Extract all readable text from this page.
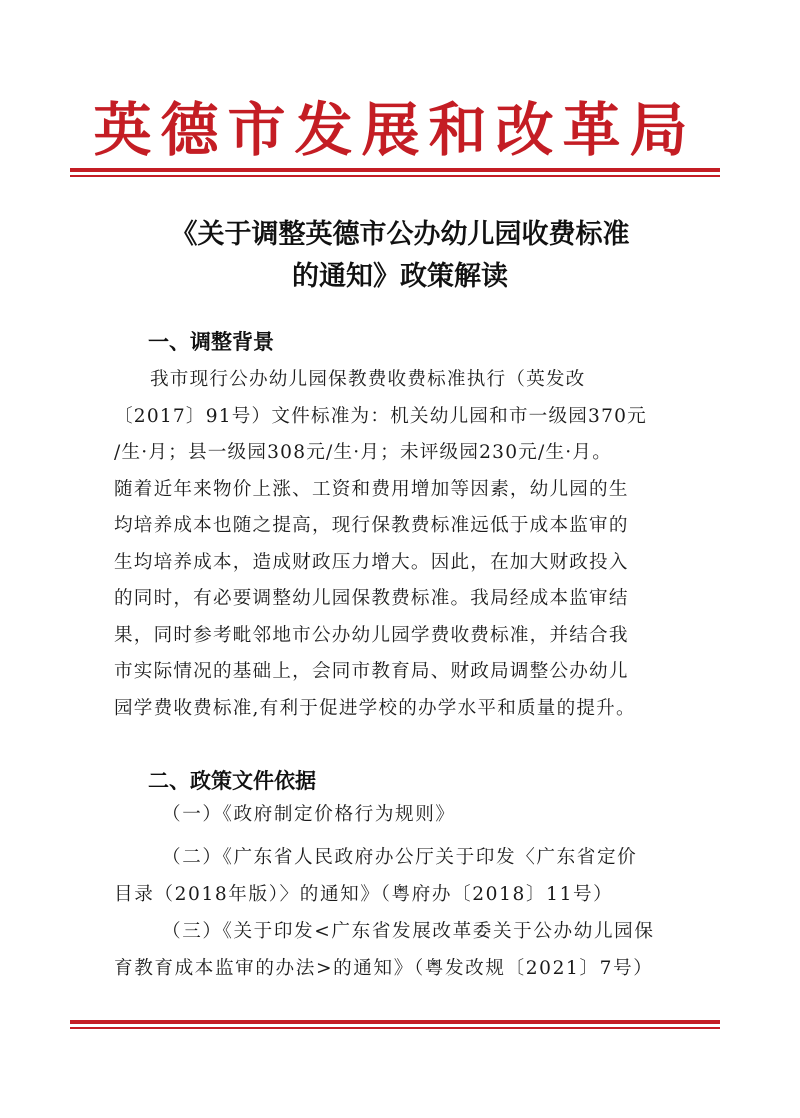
英德市发展和改革局
《关于调整英德市公办幼儿园收费标准
的通知》政策解读
一、调整背景
我市现行公办幼儿园保教费收费标准执行（英发改
〔2017〕91号）文件标准为：机关幼儿园和市一级园370元
/生·月；县一级园308元/生·月；未评级园230元/生·月。
随着近年来物价上涨、工资和费用增加等因素，幼儿园的生
均培养成本也随之提高，现行保教费标准远低于成本监审的
生均培养成本，造成财政压力增大。因此，在加大财政投入
的同时，有必要调整幼儿园保教费标准。我局经成本监审结
果，同时参考毗邻地市公办幼儿园学费收费标准，并结合我
市实际情况的基础上，会同市教育局、财政局调整公办幼儿
园学费收费标准,有利于促进学校的办学水平和质量的提升。
二、政策文件依据
（一）《政府制定价格行为规则》
（二）《广东省人民政府办公厅关于印发〈广东省定价
目录（2018年版）〉的通知》（粤府办〔2018〕11号）
（三）《关于印发<广东省发展改革委关于公办幼儿园保
育教育成本监审的办法>的通知》（粤发改规〔2021〕7号）
